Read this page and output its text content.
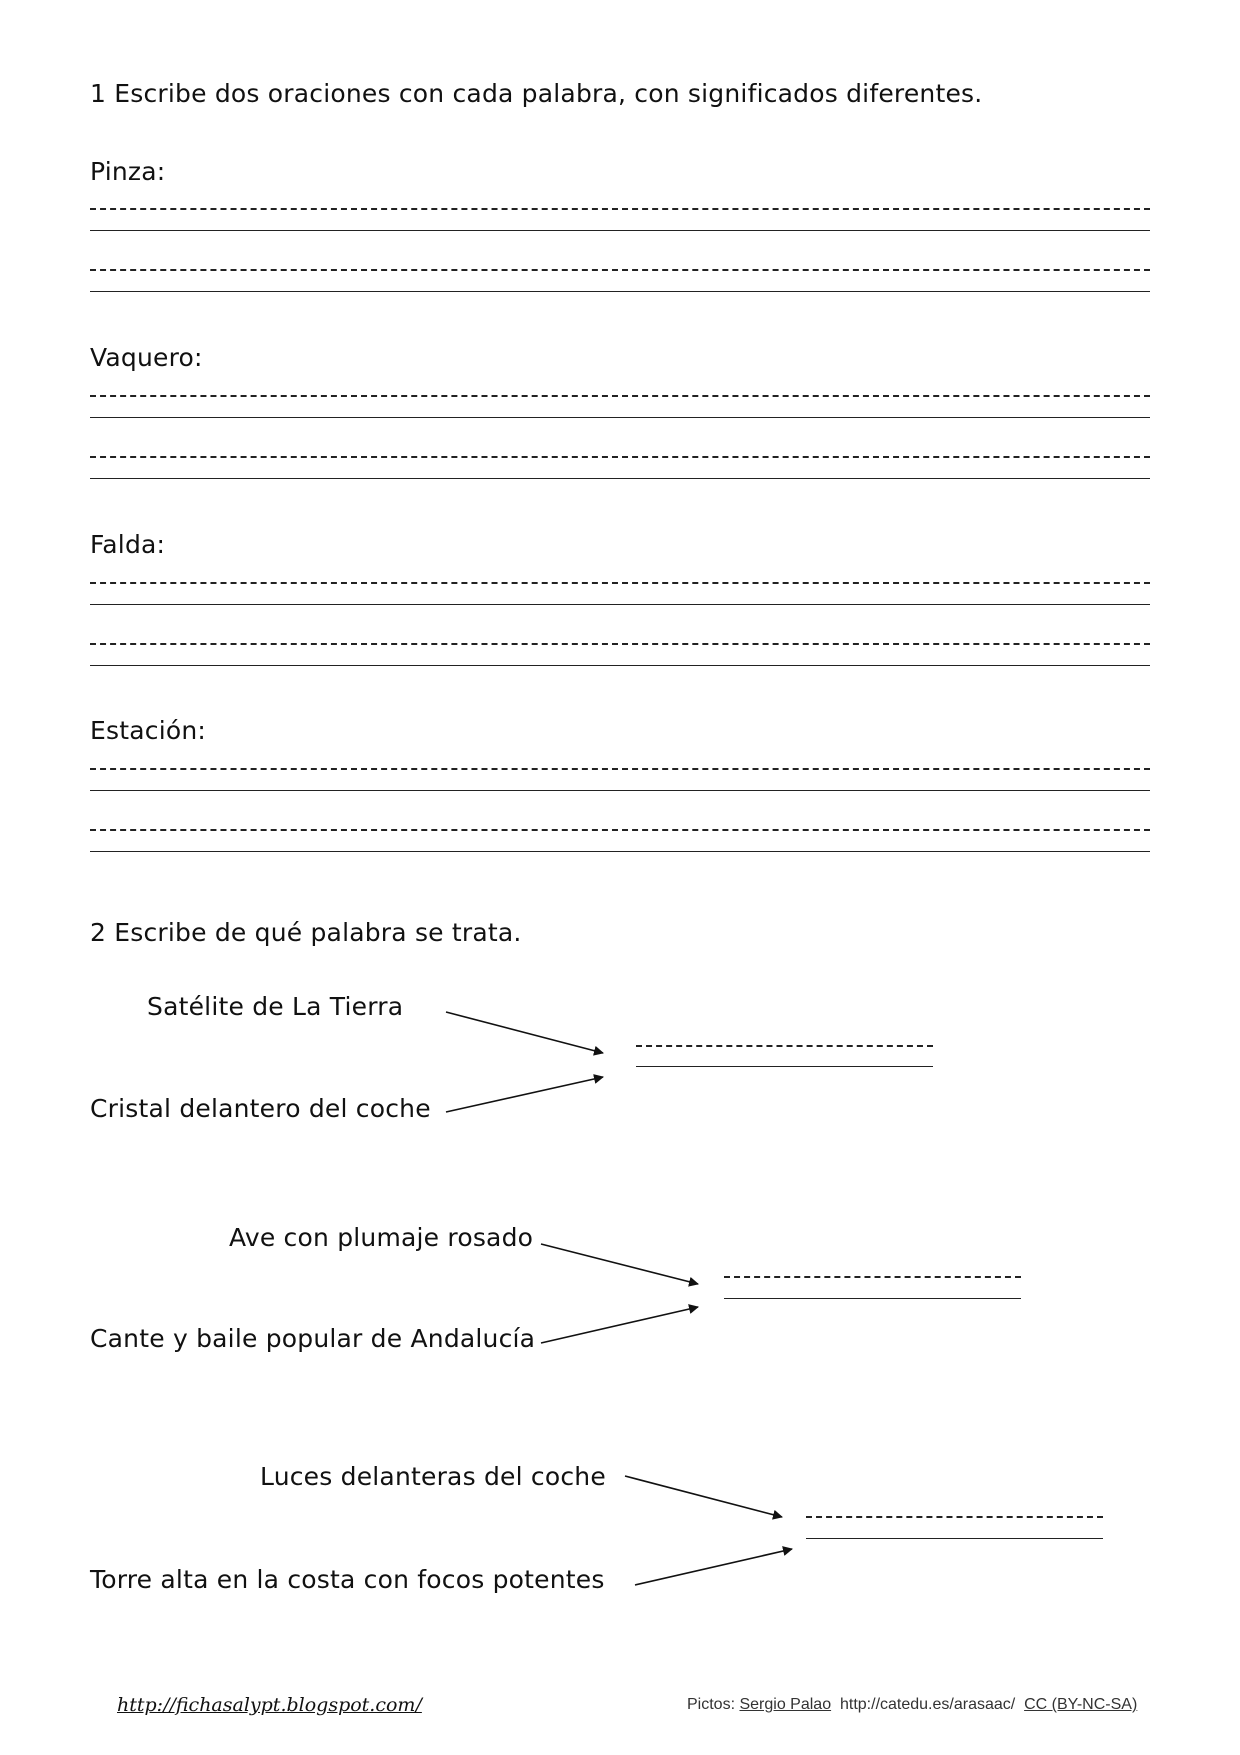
1 Escribe dos oraciones con cada palabra, con significados diferentes.
Pinza:
Vaquero:
Falda:
Estación:
2 Escribe de qué palabra se trata.
Satélite de La Tierra
Cristal delantero del coche
Ave con plumaje rosado
Cante y baile popular de Andalucía
Luces delanteras del coche
Torre alta en la costa con focos potentes
http://fichasalypt.blogspot.com/	Pictos: Sergio Palao http://catedu.es/arasaac/ CC (BY-NC-SA)
